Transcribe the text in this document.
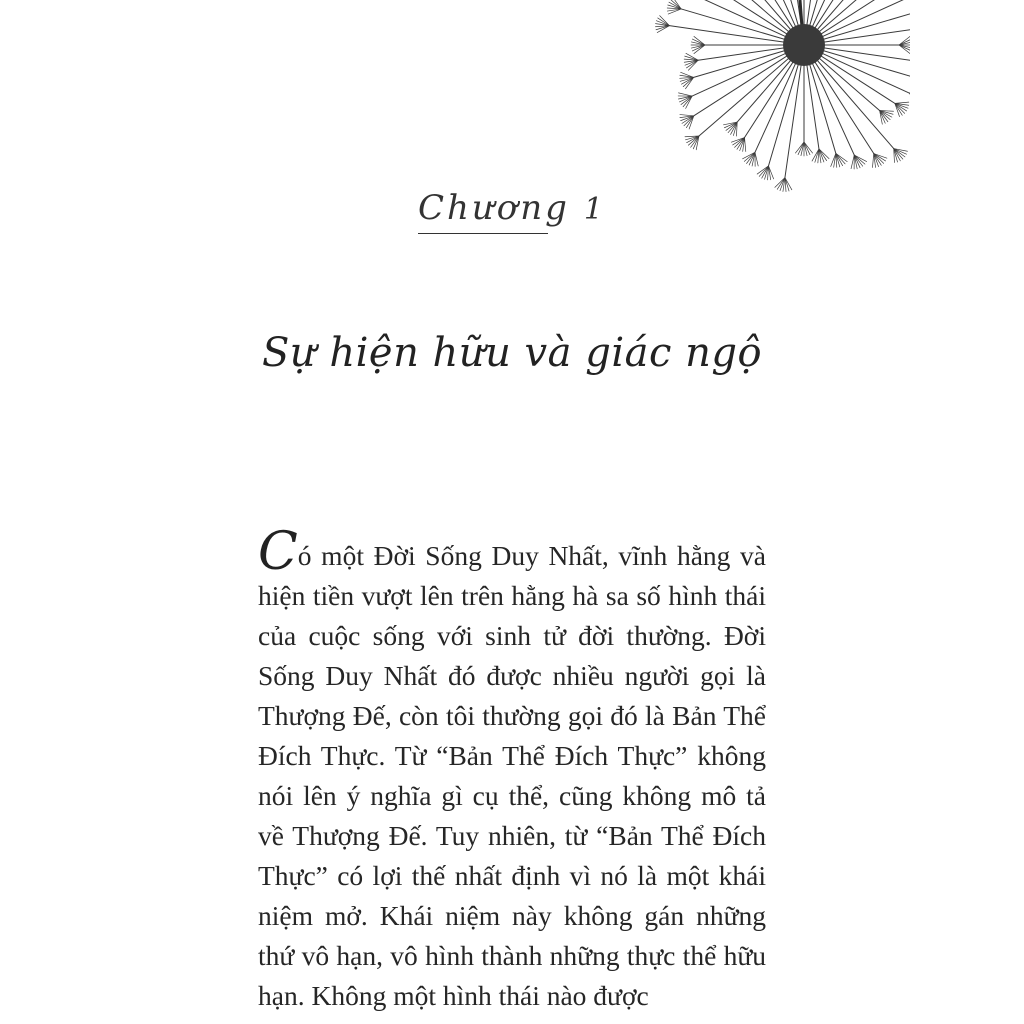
Chương 1
Sự hiện hữu và giác ngộ
Có một Đời Sống Duy Nhất, vĩnh hằng và hiện tiền vượt lên trên hằng hà sa số hình thái của cuộc sống với sinh tử đời thường. Đời Sống Duy Nhất đó được nhiều người gọi là Thượng Đế, còn tôi thường gọi đó là Bản Thể Đích Thực. Từ “Bản Thể Đích Thực” không nói lên ý nghĩa gì cụ thể, cũng không mô tả về Thượng Đế. Tuy nhiên, từ “Bản Thể Đích Thực” có lợi thế nhất định vì nó là một khái niệm mở. Khái niệm này không gán những thứ vô hạn, vô hình thành những thực thể hữu hạn. Không một hình thái nào được
